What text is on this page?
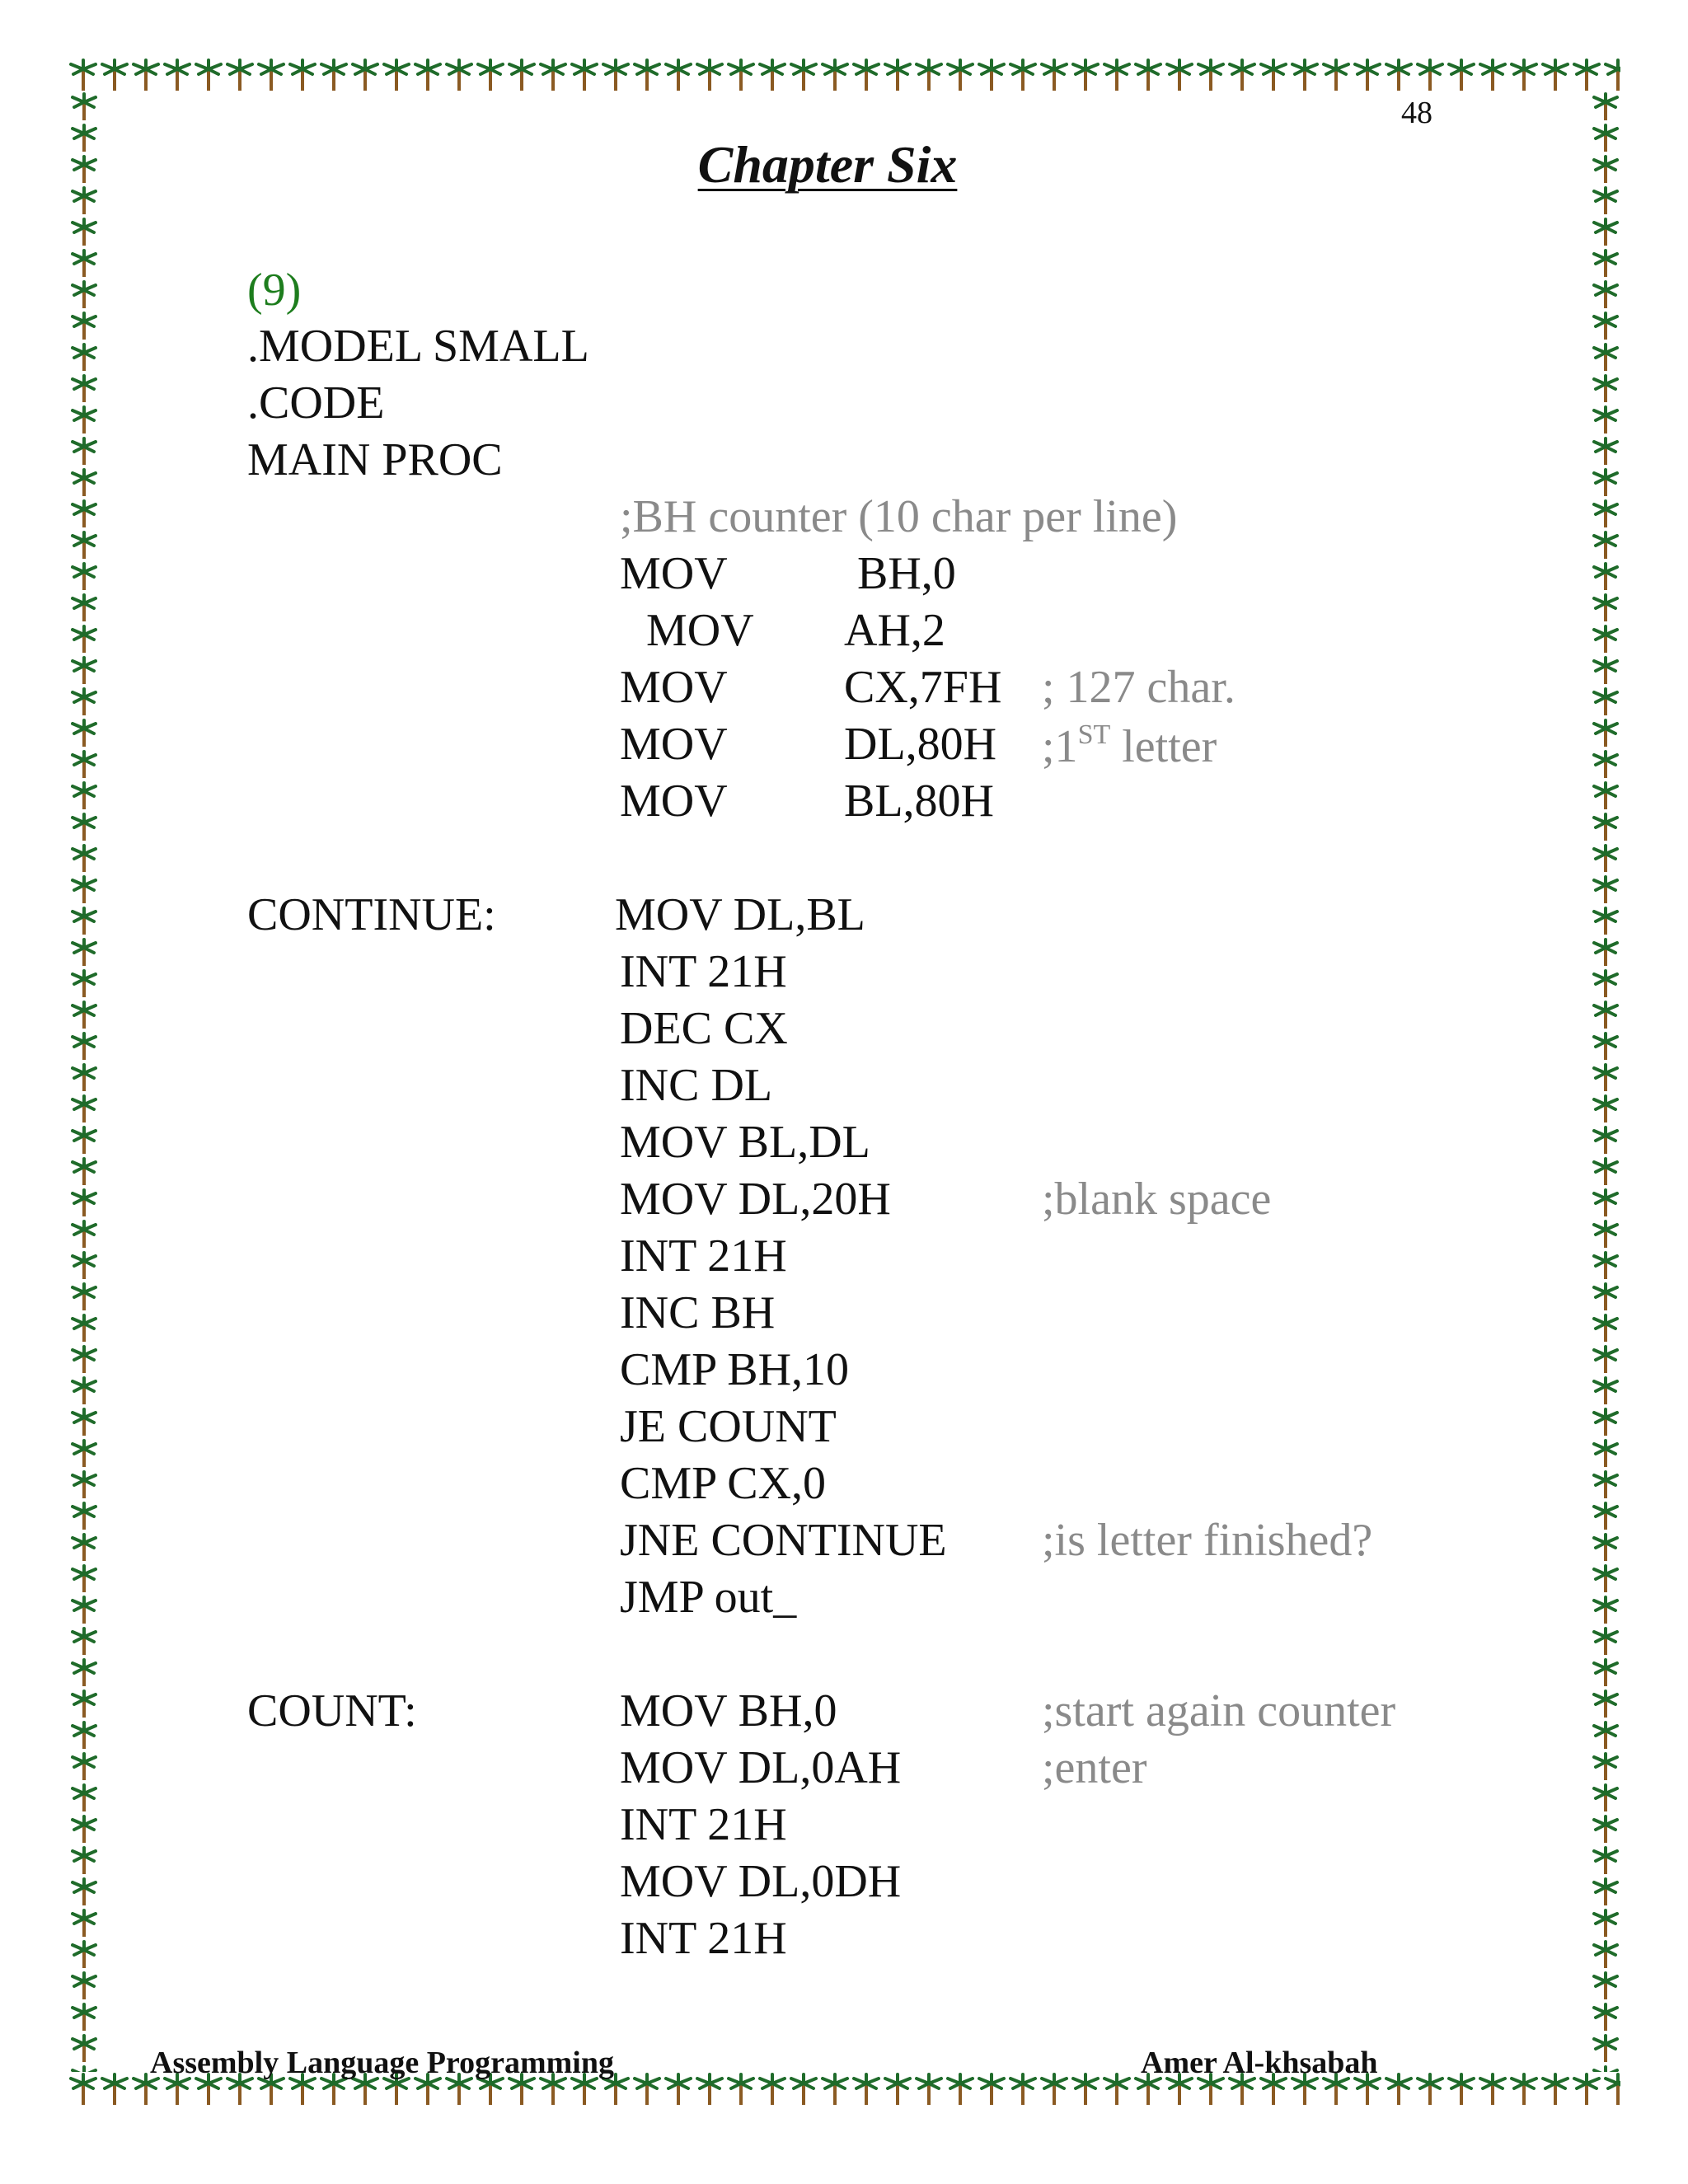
48
Chapter Six
(9)
.MODEL SMALL
.CODE
MAIN PROC
;BH counter (10 char per line)
MOV	BH,0
MOV AH,2
MOV	CX,7FH ; 127 char.
MOV	DL,80H ;1ST letter
MOV	BL,80H
CONTINUE:	MOV DL,BL
INT 21H
DEC CX
INC DL
MOV BL,DL
MOV DL,20H	;blank space
INT 21H
INC BH
CMP BH,10
JE COUNT
CMP CX,0
JNE CONTINUE ;is letter finished?
JMP out_
COUNT:	MOV BH,0	;start again counter
MOV DL,0AH	;enter
INT 21H
MOV DL,0DH
INT 21H
Assembly Language Programming	Amer Al-khsabah
